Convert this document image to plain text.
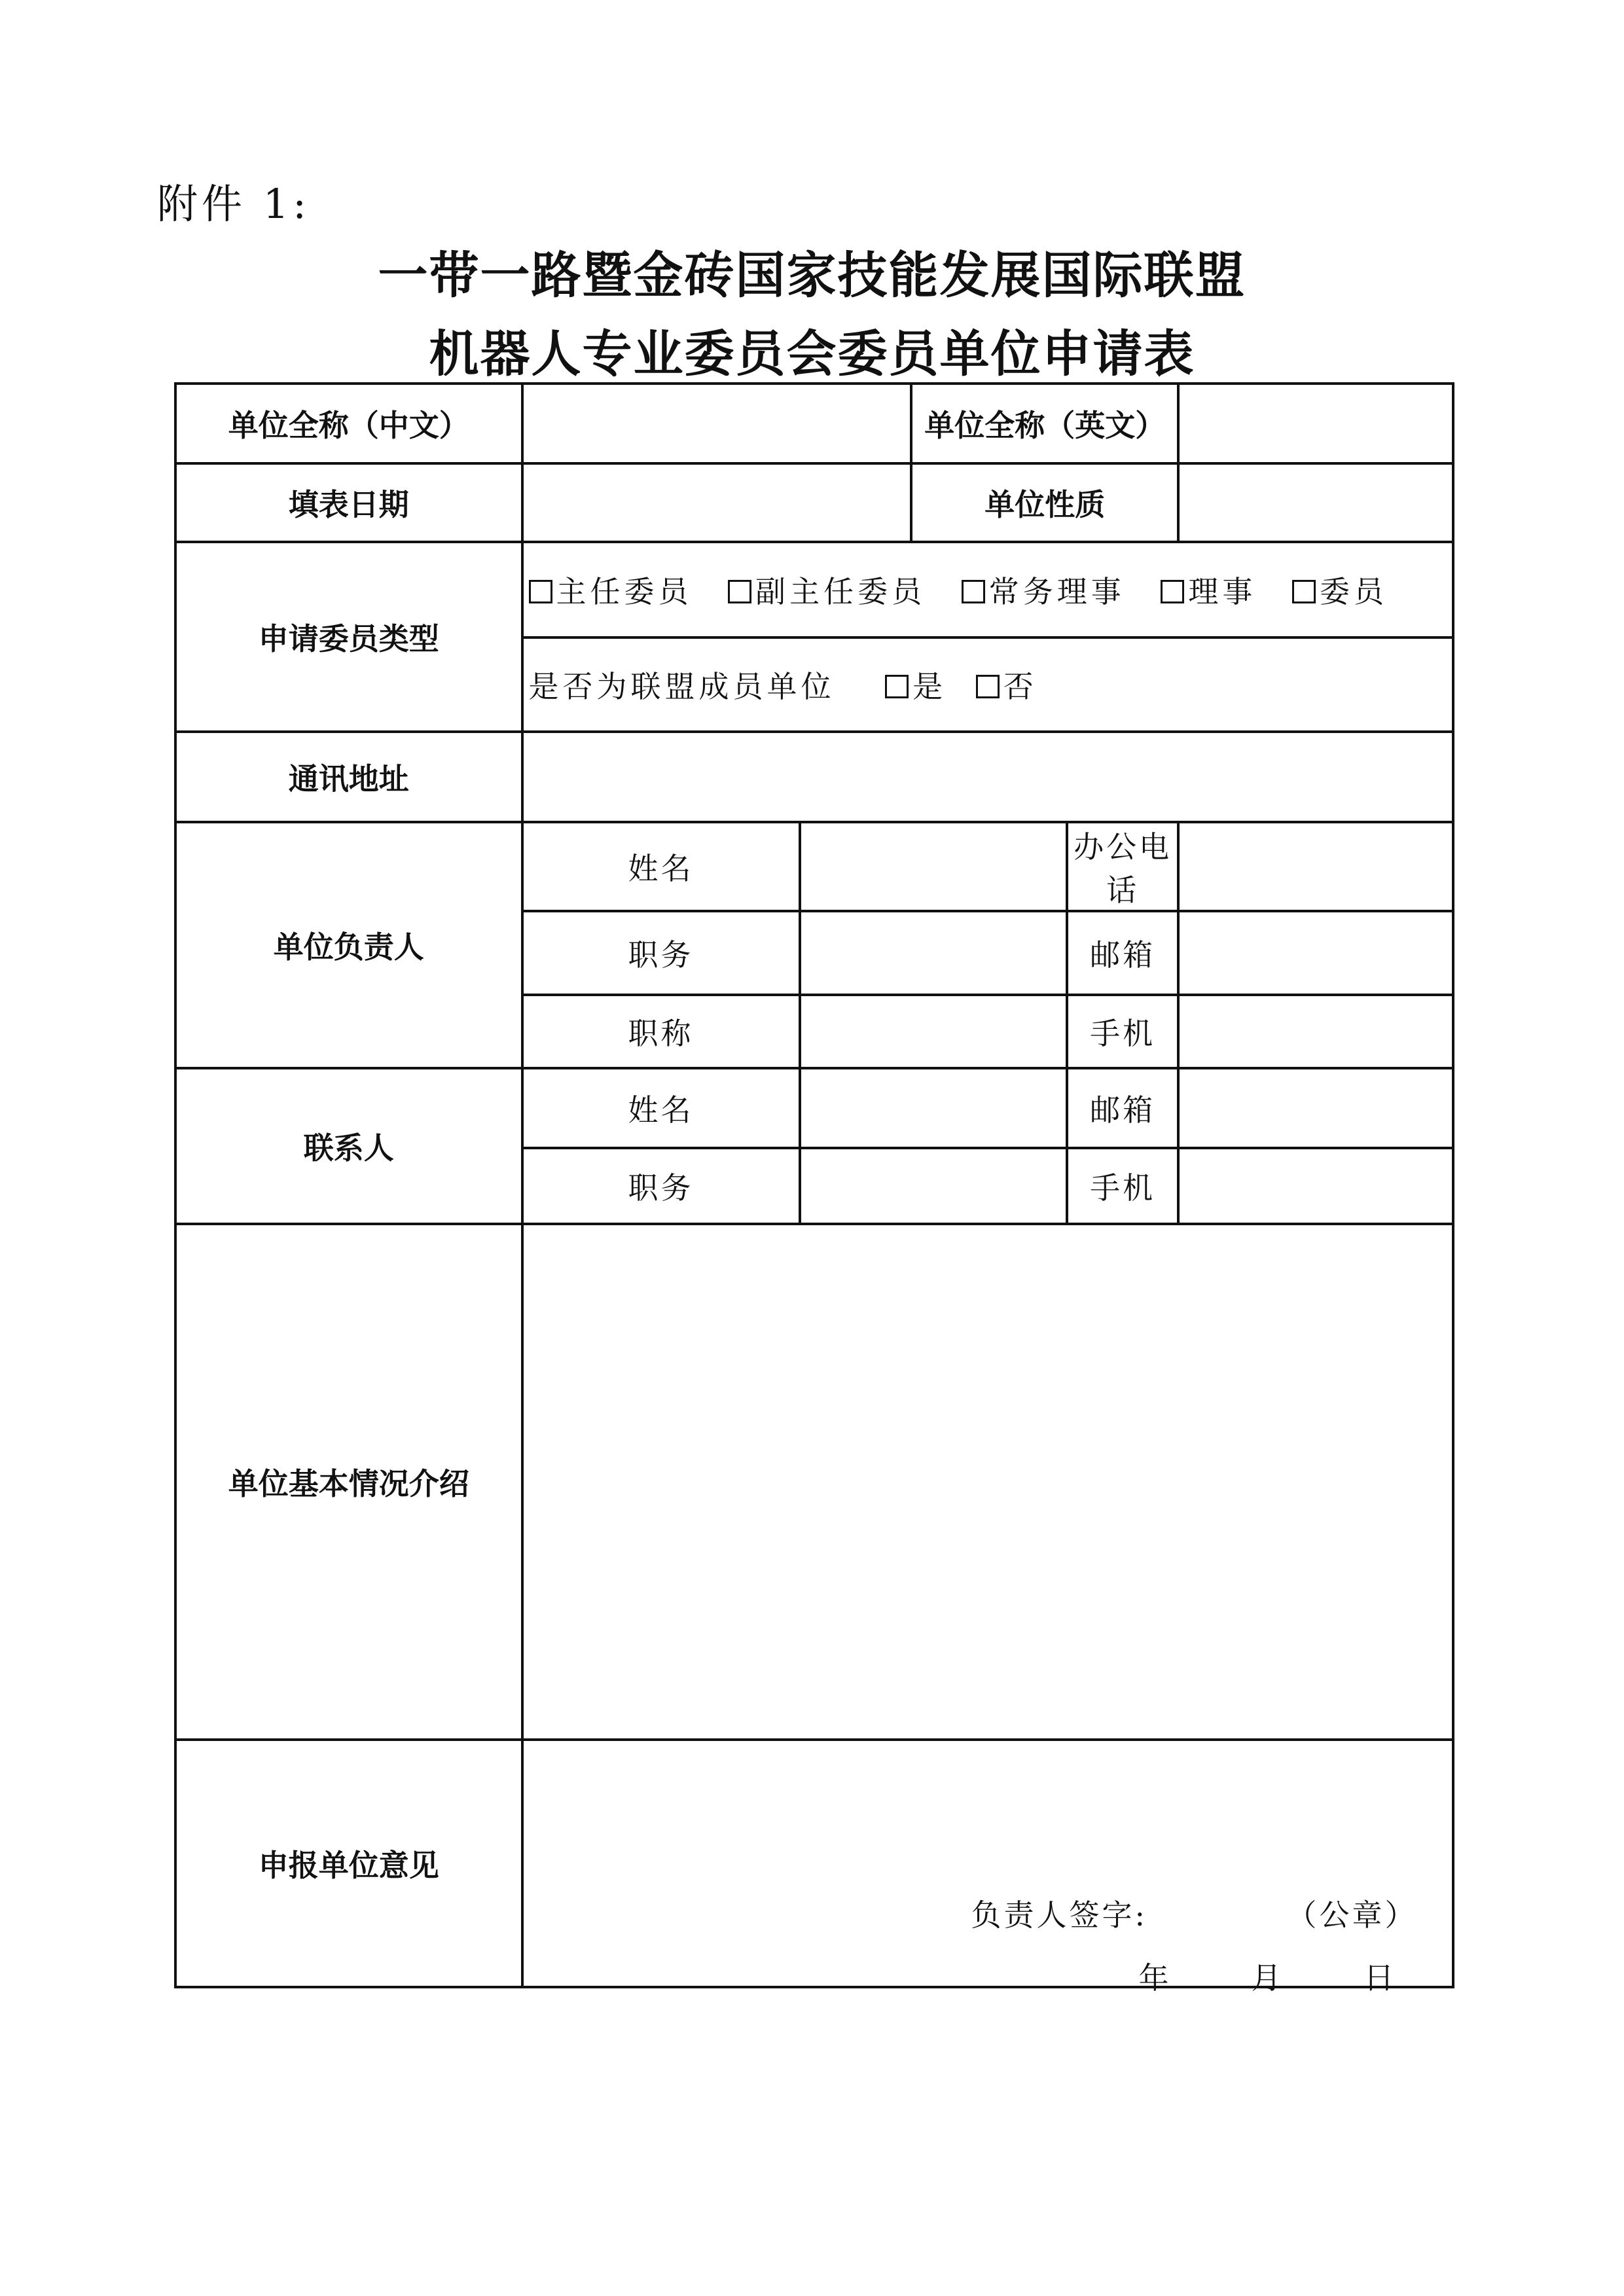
附件 1:
一带一路暨金砖国家技能发展国际联盟
机器人专业委员会委员单位申请表
单位全称（中文）			单位全称（英文）		
填表日期			单位性质		
申请委员类型	主任委员 副主任委员 常务理事 理事 委员				
	是否为联盟成员单位 是 否				
通讯地址					
单位负责人	姓名			办公电话	
	职务			邮箱	
	职称			手机	
联系人	姓名			邮箱	
	职务			手机	
单位基本情况介绍					
申报单位意见	负责人签字: （公章）
年 月 日				
